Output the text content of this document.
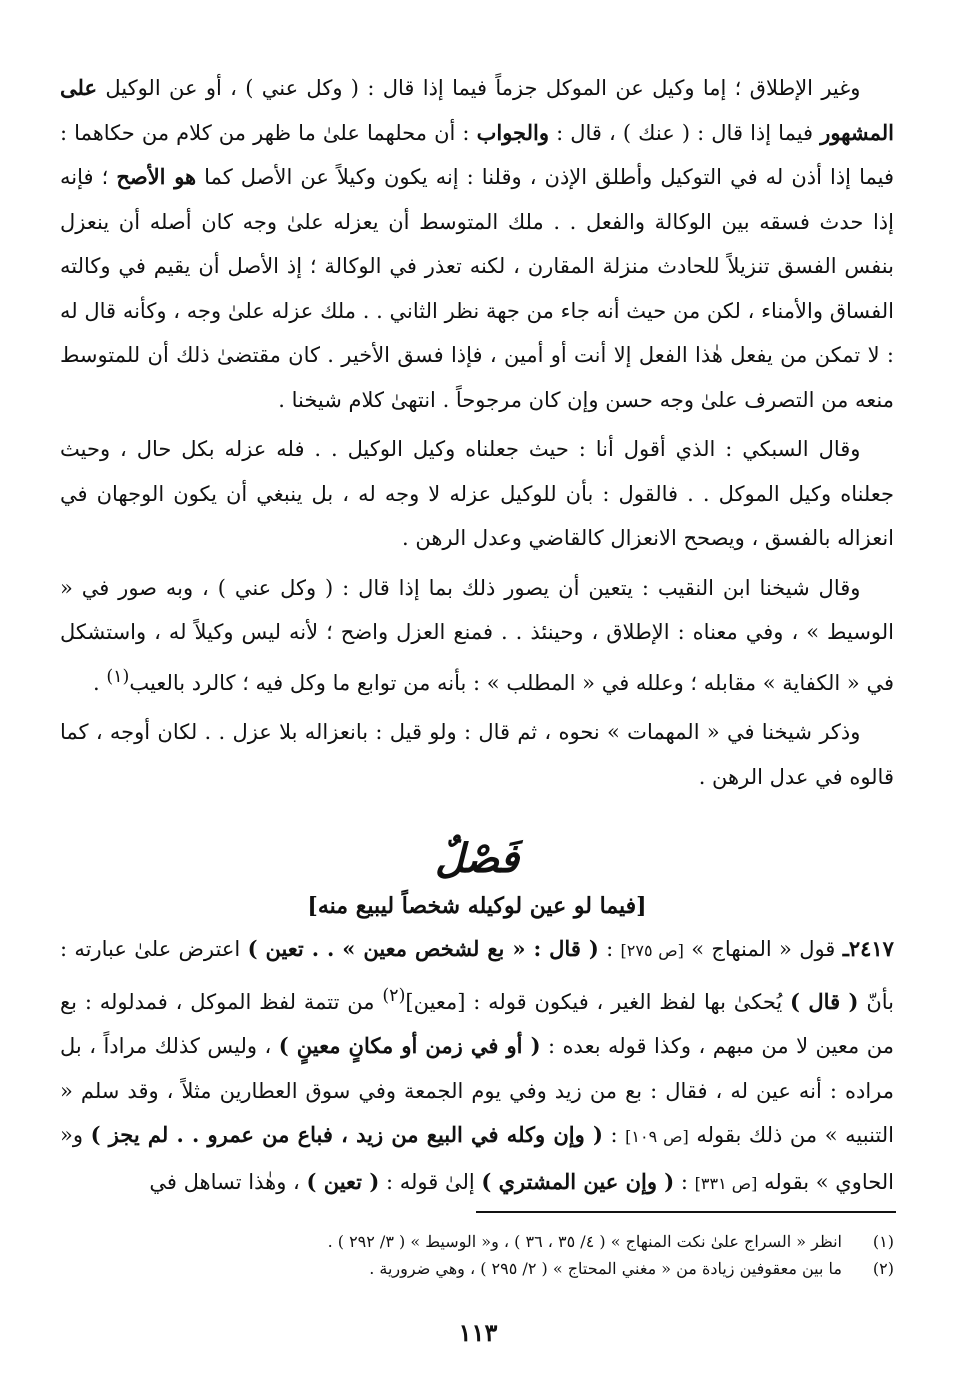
وغير الإطلاق ؛ إما وكيل عن الموكل جزماً فيما إذا قال : ( وكل عني ) ، أو عن الوكيل على المشهور فيما إذا قال : ( عنك ) ، قال : والجواب : أن محلهما علىٰ ما ظهر من كلام من حكاهما : فيما إذا أذن له في التوكيل وأطلق الإذن ، وقلنا : إنه يكون وكيلاً عن الأصل كما هو الأصح ؛ فإنه إذا حدث فسقه بين الوكالة والفعل . . ملك المتوسط أن يعزله علىٰ وجه كان أصله أن ينعزل بنفس الفسق تنزيلاً للحادث منزلة المقارن ، لكنه تعذر في الوكالة ؛ إذ الأصل أن يقيم في وكالته الفساق والأمناء ، لكن من حيث أنه جاء من جهة نظر الثاني . . ملك عزله علىٰ وجه ، وكأنه قال له : لا تمكن من يفعل هٰذا الفعل إلا أنت أو أمين ، فإذا فسق الأخير . كان مقتضىٰ ذلك أن للمتوسط منعه من التصرف علىٰ وجه حسن وإن كان مرجوحاً . انتهىٰ كلام شيخنا .

وقال السبكي : الذي أقول أنا : حيث جعلناه وكيل الوكيل . . فله عزله بكل حال ، وحيث جعلناه وكيل الموكل . . فالقول : بأن للوكيل عزله لا وجه له ، بل ينبغي أن يكون الوجهان في انعزاله بالفسق ، ويصحح الانعزال كالقاضي وعدل الرهن .

وقال شيخنا ابن النقيب : يتعين أن يصور ذلك بما إذا قال : ( وكل عني ) ، وبه صور في « الوسيط » ، وفي معناه : الإطلاق ، وحينئذ . . فمنع العزل واضح ؛ لأنه ليس وكيلاً له ، واستشكل في « الكفاية » مقابله ؛ وعلله في « المطلب » : بأنه من توابع ما وكل فيه ؛ كالرد بالعيب$^{(١)}$ .

وذكر شيخنا في « المهمات » نحوه ، ثم قال : ولو قيل : بانعزاله بلا عزل . . لكان أوجه ، كما قالوه في عدل الرهن .

فَصْلٌ
[فيما لو عين لوكيله شخصاً ليبيع منه]

٢٤١٧ـ قول « المنهاج » [ص ٢٧٥] : ( قال : « بع لشخص معين » . . تعين ) اعترض علىٰ عبارته : بأنّ ( قال ) يُحكىٰ بها لفظ الغير ، فيكون قوله : [معين]$^{(٢)}$ من تتمة لفظ الموكل ، فمدلوله : بع من معين لا من مبهم ، وكذا قوله بعده : ( أو في زمن أو مكانٍ معينٍ ) ، وليس كذلك مراداً ، بل مراده : أنه عين له ، فقال : بع من زيد وفي يوم الجمعة وفي سوق العطارين مثلاً ، وقد سلم « التنبيه » من ذلك بقوله [ص ١٠٩] : ( وإن وكله في البيع من زيد ، فباع من عمرو . . لم يجز ) و« الحاوي » بقوله [ص ٣٣١] : ( وإن عين المشتري ) إلىٰ قوله : ( تعين ) ، وهٰذا تساهل في

(١)
انظر « السراج علىٰ نكت المنهاج » ( ٤/ ٣٥ ، ٣٦ ) ، و« الوسيط » ( ٣/ ٢٩٢ ) .
(٢)
ما بين معقوفين زيادة من « مغني المحتاج » ( ٢/ ٢٩٥ ) ، وهي ضرورية .
١١٣
